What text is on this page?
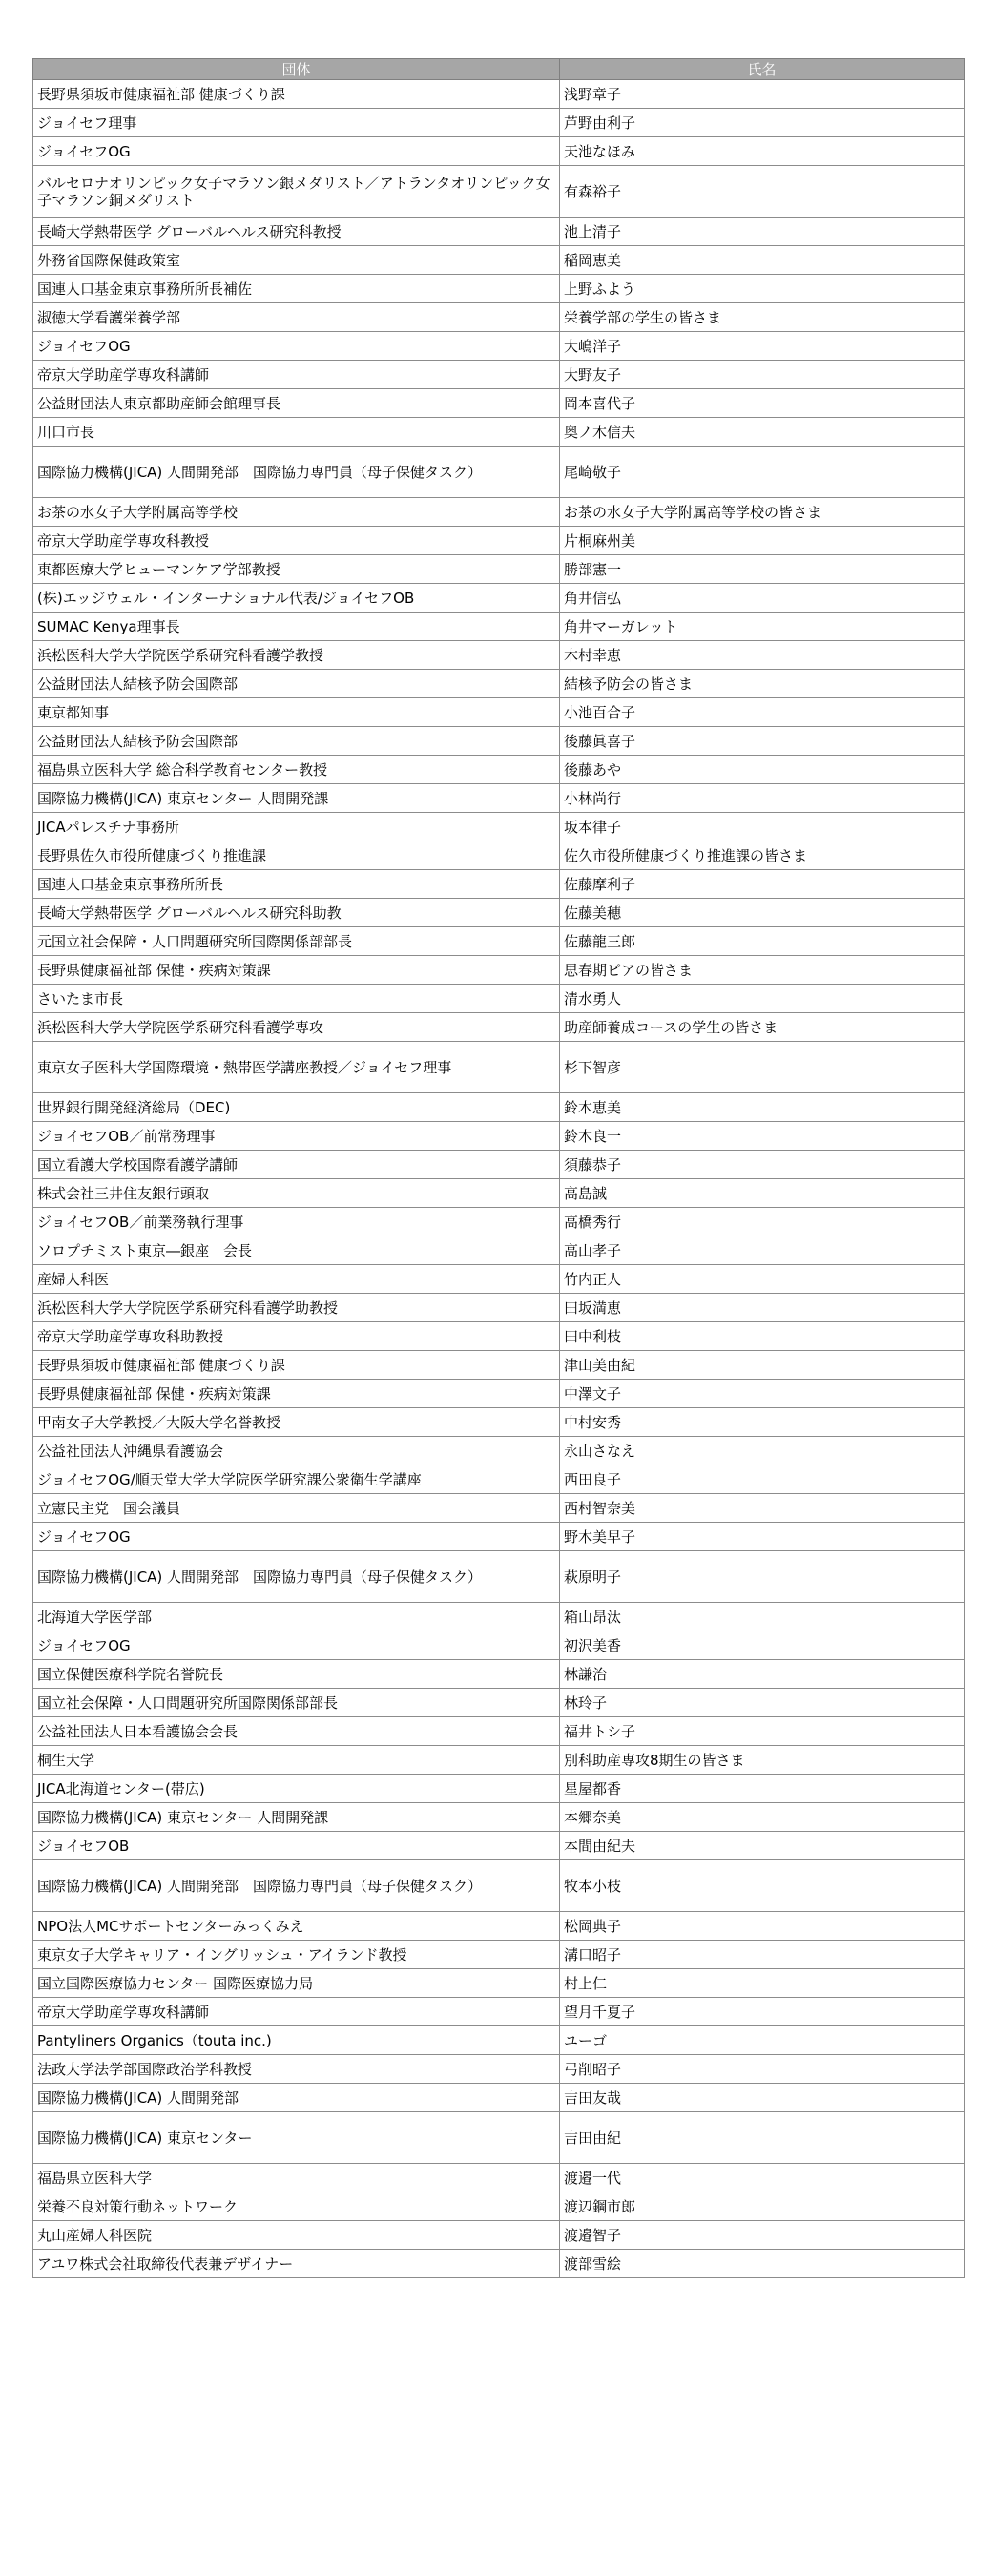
団体	氏名
長野県須坂市健康福祉部 健康づくり課	浅野章子
ジョイセフ理事	芦野由利子
ジョイセフOG	天池なほみ
バルセロナオリンピック女子マラソン銀メダリスト／アトランタオリンピック女子マラソン銅メダリスト	有森裕子
長崎大学熱帯医学 グローバルヘルス研究科教授	池上清子
外務省国際保健政策室	稲岡恵美
国連人口基金東京事務所所長補佐	上野ふよう
淑徳大学看護栄養学部	栄養学部の学生の皆さま
ジョイセフOG	大嶋洋子
帝京大学助産学専攻科講師	大野友子
公益財団法人東京都助産師会館理事長	岡本喜代子
川口市長	奥ノ木信夫
国際協力機構(JICA) 人間開発部　国際協力専門員（母子保健タスク）	尾崎敬子
お茶の水女子大学附属高等学校	お茶の水女子大学附属高等学校の皆さま
帝京大学助産学専攻科教授	片桐麻州美
東都医療大学ヒューマンケア学部教授	勝部憲一
(株)エッジウェル・インターナショナル代表/ジョイセフOB	角井信弘
SUMAC Kenya理事長	角井マーガレット
浜松医科大学大学院医学系研究科看護学教授	木村幸恵
公益財団法人結核予防会国際部	結核予防会の皆さま
東京都知事	小池百合子
公益財団法人結核予防会国際部	後藤眞喜子
福島県立医科大学 総合科学教育センター教授	後藤あや
国際協力機構(JICA) 東京センター 人間開発課	小林尚行
JICAパレスチナ事務所	坂本律子
長野県佐久市役所健康づくり推進課	佐久市役所健康づくり推進課の皆さま
国連人口基金東京事務所所長	佐藤摩利子
長崎大学熱帯医学 グローバルヘルス研究科助教	佐藤美穂
元国立社会保障・人口問題研究所国際関係部部長	佐藤龍三郎
長野県健康福祉部 保健・疾病対策課	思春期ピアの皆さま
さいたま市長	清水勇人
浜松医科大学大学院医学系研究科看護学専攻	助産師養成コースの学生の皆さま
東京女子医科大学国際環境・熱帯医学講座教授／ジョイセフ理事	杉下智彦
世界銀行開発経済総局（DEC)	鈴木恵美
ジョイセフOB／前常務理事	鈴木良一
国立看護大学校国際看護学講師	須藤恭子
株式会社三井住友銀行頭取	高島誠
ジョイセフOB／前業務執行理事	高橋秀行
ソロプチミスト東京―銀座　会長	高山孝子
産婦人科医	竹内正人
浜松医科大学大学院医学系研究科看護学助教授	田坂満恵
帝京大学助産学専攻科助教授	田中利枝
長野県須坂市健康福祉部 健康づくり課	津山美由紀
長野県健康福祉部 保健・疾病対策課	中澤文子
甲南女子大学教授／大阪大学名誉教授	中村安秀
公益社団法人沖縄県看護協会	永山さなえ
ジョイセフOG/順天堂大学大学院医学研究課公衆衛生学講座	西田良子
立憲民主党　国会議員	西村智奈美
ジョイセフOG	野木美早子
国際協力機構(JICA) 人間開発部　国際協力専門員（母子保健タスク）	萩原明子
北海道大学医学部	箱山昂汰
ジョイセフOG	初沢美香
国立保健医療科学院名誉院長	林謙治
国立社会保障・人口問題研究所国際関係部部長	林玲子
公益社団法人日本看護協会会長	福井トシ子
桐生大学	別科助産専攻8期生の皆さま
JICA北海道センター(帯広)	星屋都香
国際協力機構(JICA) 東京センター 人間開発課	本郷奈美
ジョイセフOB	本間由紀夫
国際協力機構(JICA) 人間開発部　国際協力専門員（母子保健タスク）	牧本小枝
NPO法人MCサポートセンターみっくみえ	松岡典子
東京女子大学キャリア・イングリッシュ・アイランド教授	溝口昭子
国立国際医療協力センター 国際医療協力局	村上仁
帝京大学助産学専攻科講師	望月千夏子
Pantyliners Organics（touta inc.)	ユーゴ
法政大学法学部国際政治学科教授	弓削昭子
国際協力機構(JICA) 人間開発部	吉田友哉
国際協力機構(JICA) 東京センター	吉田由紀
福島県立医科大学	渡邉一代
栄養不良対策行動ネットワーク	渡辺鋼市郎
丸山産婦人科医院	渡邉智子
アユワ株式会社取締役代表兼デザイナー	渡部雪絵
